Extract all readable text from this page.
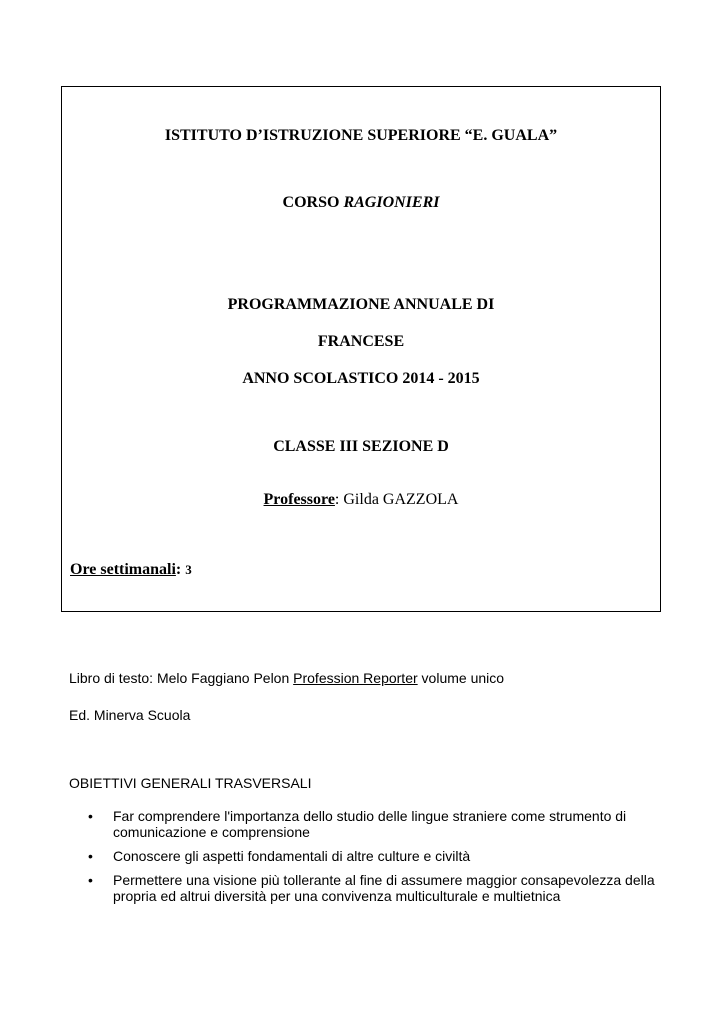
ISTITUTO D’ISTRUZIONE SUPERIORE “E. GUALA”
CORSO RAGIONIERI
PROGRAMMAZIONE ANNUALE DI
FRANCESE
ANNO SCOLASTICO 2014 - 2015
CLASSE III SEZIONE D
Professore: Gilda GAZZOLA
Ore settimanali: 3
Libro di testo: Melo Faggiano Pelon Profession Reporter volume unico
Ed. Minerva Scuola
OBIETTIVI GENERALI TRASVERSALI
• Far comprendere l'importanza dello studio delle lingue straniere come strumento di comunicazione e comprensione
• Conoscere gli aspetti fondamentali di altre culture e civiltà
• Permettere una visione più tollerante al fine di assumere maggior consapevolezza della propria ed altrui diversità per una convivenza multiculturale e multietnica
